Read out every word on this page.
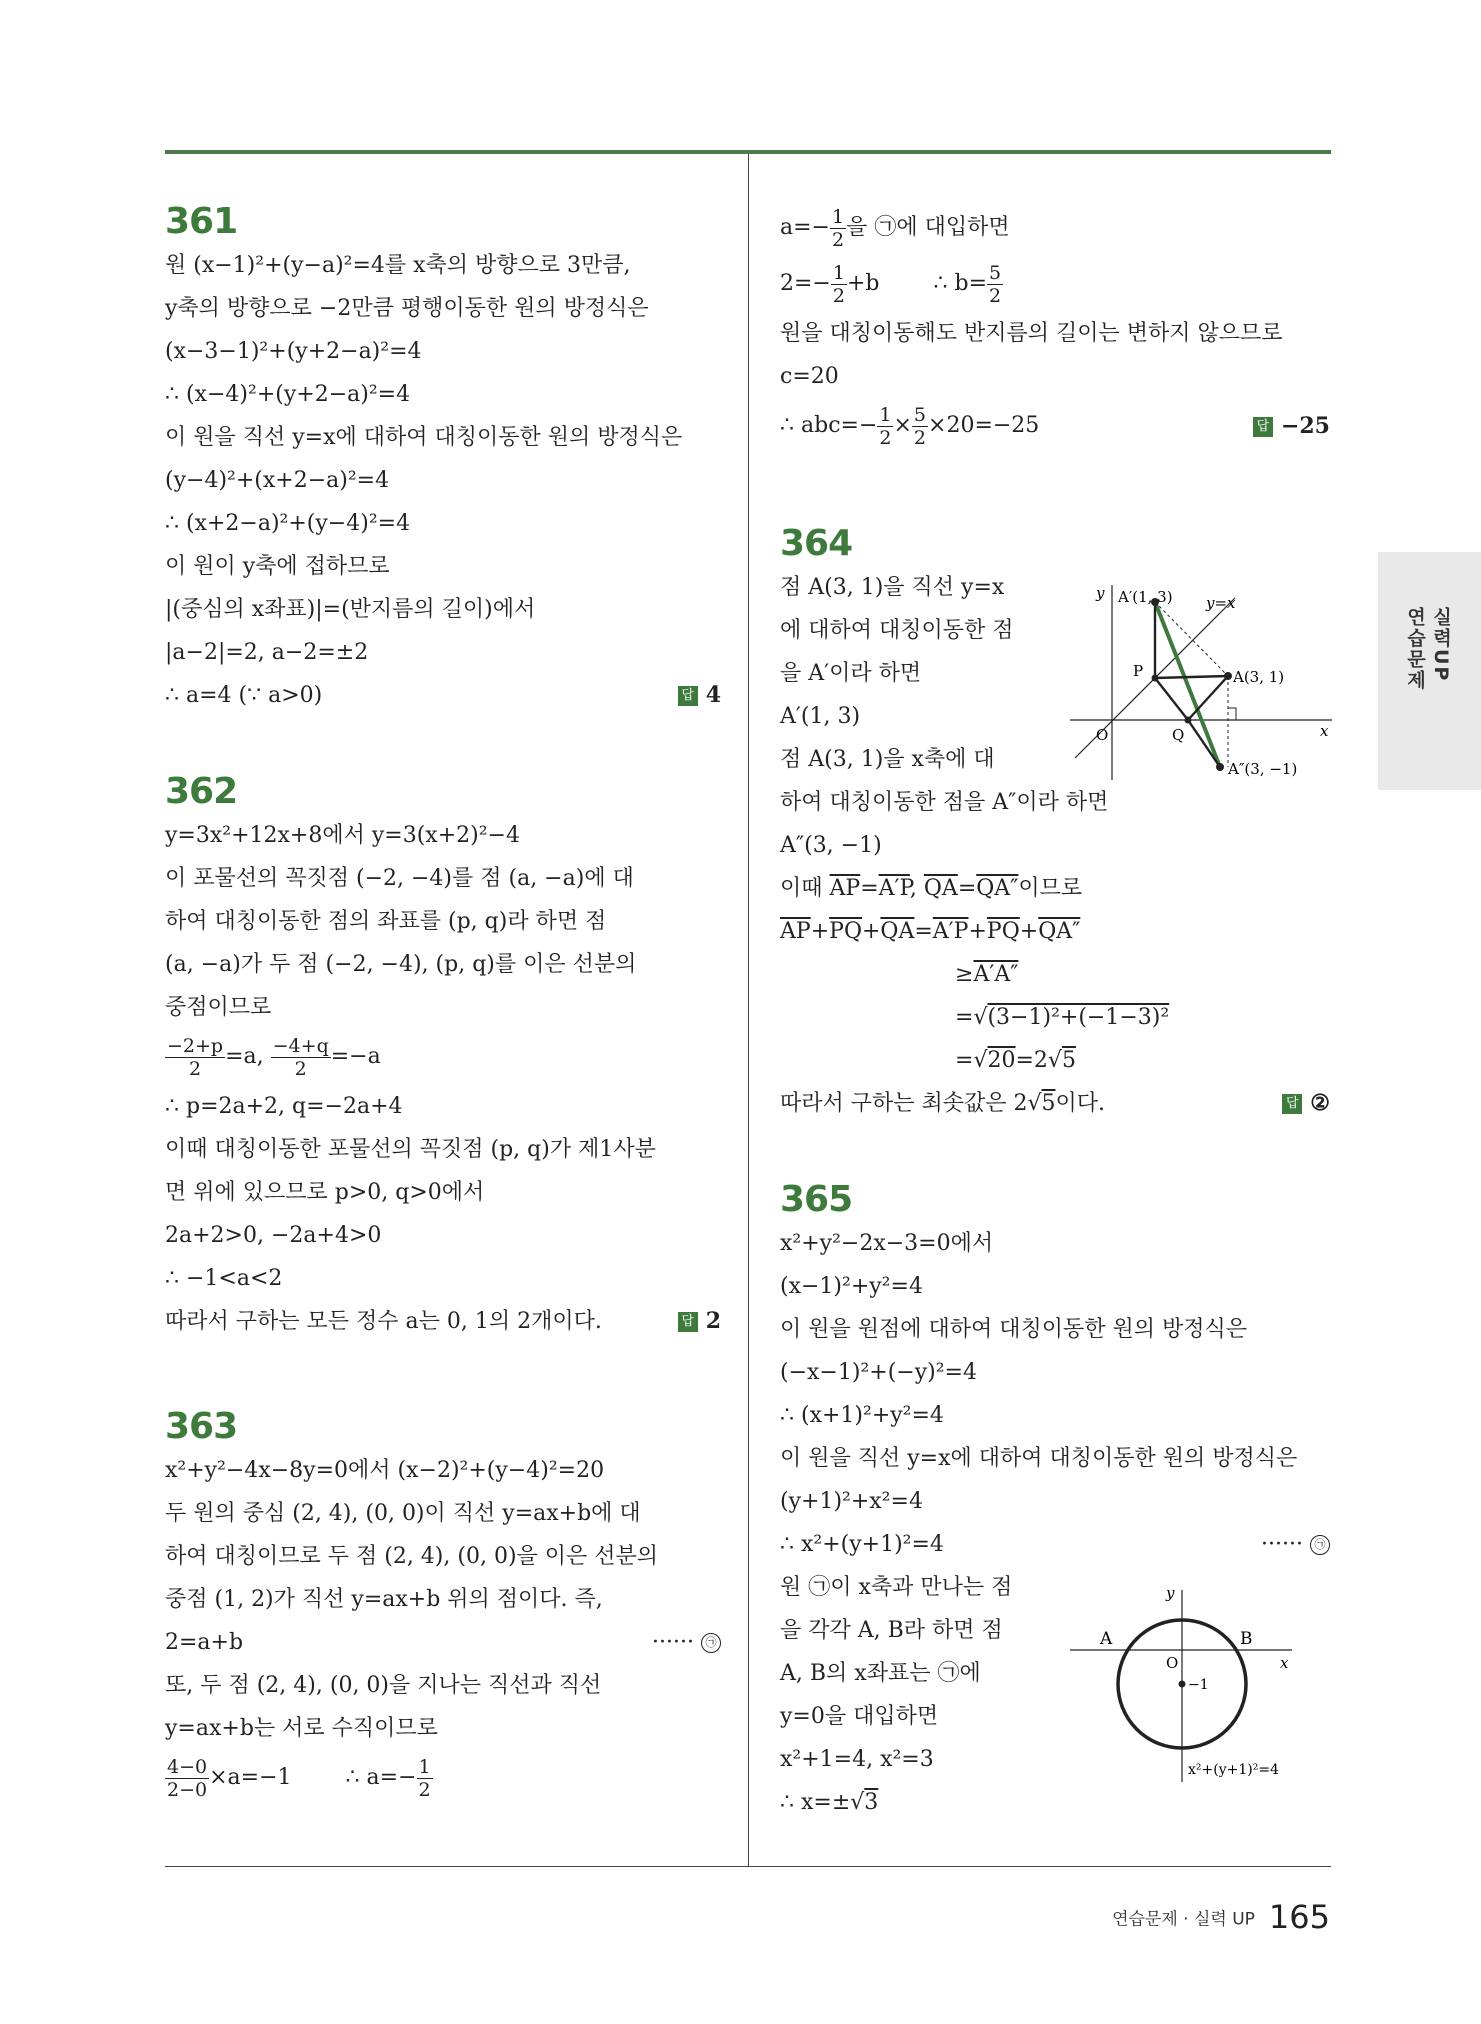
연습문제 실력UP
361
원 (x−1)²+(y−a)²=4를 x축의 방향으로 3만큼,
y축의 방향으로 −2만큼 평행이동한 원의 방정식은
(x−3−1)²+(y+2−a)²=4
∴ (x−4)²+(y+2−a)²=4
이 원을 직선 y=x에 대하여 대칭이동한 원의 방정식은
(y−4)²+(x+2−a)²=4
∴ (x+2−a)²+(y−4)²=4
이 원이 y축에 접하므로
|(중심의 x좌표)|=(반지름의 길이)에서
|a−2|=2, a−2=±2
∴ a=4 (∵ a>0)	답 4
362
y=3x²+12x+8에서 y=3(x+2)²−4
이 포물선의 꼭짓점 (−2, −4)를 점 (a, −a)에 대
하여 대칭이동한 점의 좌표를 (p, q)라 하면 점
(a, −a)가 두 점 (−2, −4), (p, q)를 이은 선분의
중점이므로
$\frac{-2+p}{2} =a$, $\frac{-4+q}{2} =-a$
∴ p=2a+2, q=−2a+4
이때 대칭이동한 포물선의 꼭짓점 (p, q)가 제1사분
면 위에 있으므로 p>0, q>0에서
2a+2>0, −2a+4>0
∴ −1<a<2
따라서 구하는 모든 정수 a는 0, 1의 2개이다.	답 2
363
x²+y²−4x−8y=0에서 (x−2)²+(y−4)²=20
두 원의 중심 (2, 4), (0, 0)이 직선 y=ax+b에 대
하여 대칭이므로 두 점 (2, 4), (0, 0)을 이은 선분의
중점 (1, 2)가 직선 y=ax+b 위의 점이다. 즉,
2=a+b	······ ㉠
또, 두 점 (2, 4), (0, 0)을 지나는 직선과 직선
y=ax+b는 서로 수직이므로
$\frac{4-0}{2-0} \times a=-1$ ∴ $a=- \frac{1}{2}$
$a=- \frac{1}{2}$ 을 ㉠에 대입하면
$2=- \frac{1}{2} +b$ ∴ $b= \frac{5}{2}$
원을 대칭이동해도 반지름의 길이는 변하지 않으므로
c=20
∴ $abc=- \frac{1}{2} \times \frac{5}{2} \times 20=-25$	답 −25
364
점 A(3, 1)을 직선 y=x
에 대하여 대칭이동한 점
을 A′이라 하면
A′(1, 3)
점 A(3, 1)을 x축에 대
하여 대칭이동한 점을 A″이라 하면
A″(3, −1)
이때 $\overline{AP}=A'P$, $\overline{QA}=QA''$이므로
$\overline{AP}+\overline{PQ}+\overline{QA}=A'P+\overline{PQ}+QA''$
≥A′A″
=√(3−1)²+(−1−3)²
=√20=2√5
따라서 구하는 최솟값은 2√5이다.	답 ②
y
x
y=x
A′(1, 3)
A(3, 1)
A″(3, −1)
P
Q
O
365
x²+y²−2x−3=0에서
(x−1)²+y²=4
이 원을 원점에 대하여 대칭이동한 원의 방정식은
(−x−1)²+(−y)²=4
∴ (x+1)²+y²=4
이 원을 직선 y=x에 대하여 대칭이동한 원의 방정식은
(y+1)²+x²=4
∴ x²+(y+1)²=4	······ ㉠
원 ㉠이 x축과 만나는 점
을 각각 A, B라 하면 점
A, B의 x좌표는 ㉠에
y=0을 대입하면
x²+1=4, x²=3
∴ x=±√3
y
x
A	B
O
−1
x²+(y+1)²=4
연습문제 · 실력 UP 165
